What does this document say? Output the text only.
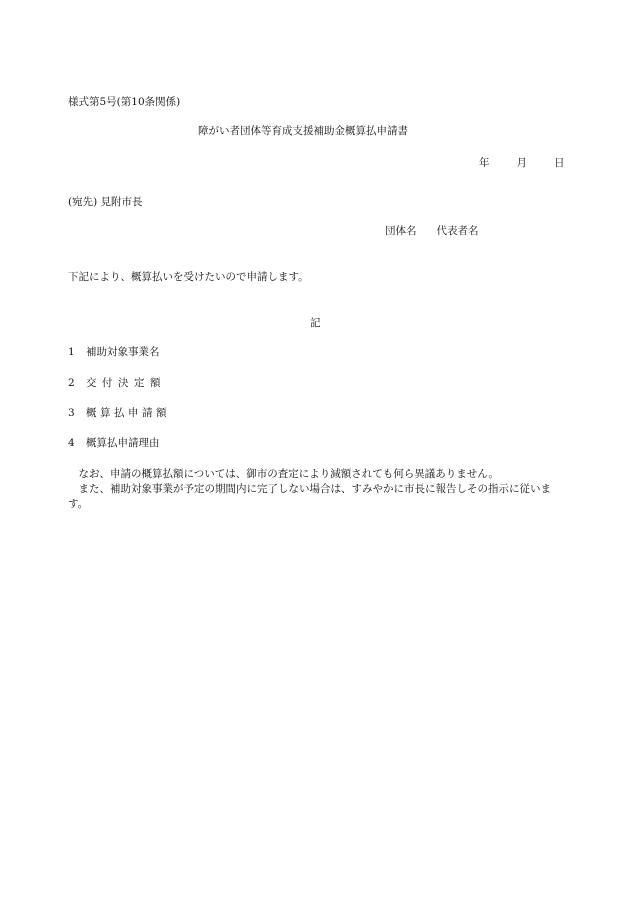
様式第5号(第10条関係)
障がい者団体等育成支援補助金概算払申請書
年	月	日
(宛先) 見附市長
団体名 代表者名
下記により、概算払いを受けたいので申請します。
記
1 補助対象事業名
2 交付決定額
3 概算払申請額
4 概算払申請理由
なお、申請の概算払額については、御市の査定により減額されても何ら異議ありません。
また、補助対象事業が予定の期間内に完了しない場合は、すみやかに市長に報告しその指示に従います。
